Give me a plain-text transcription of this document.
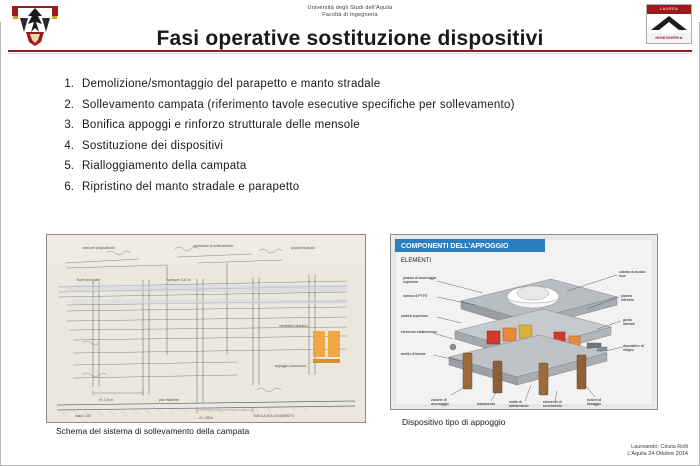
Università degli Studi dell'Aquila
Facoltà di Ingegneria
LAUREA
INGEGNERIA
Fasi operative sostituzione dispositivi
1. Demolizione/smontaggio del parapetto e manto stradale
2. Sollevamento campata (riferimento tavole esecutive specifiche per sollevamento)
3. Bonifica appoggi e rinforzo strutturale delle mensole
4. Sostituzione dei dispositivi
5. Rialloggiamento della campata
6. Ripristino del manto stradale e parapetto
sezione longitudinale	particolare di sollevamento	quota impalcato
martinetto idraulico
appoggio provvisorio
pila esistente
trave principale
scala 1:50	TAVOLA SOLLEVAMENTO
rif. 2,40 m
rif. 1,85 m
spessore 0,20 m
Schema del sistema di sollevamento della campata
COMPONENTI DELL'APPOGGIO
ELEMENTI
piastra di ancoraggio
superiore
lamina di PTFE
piastra superiore
elemento elastomerico
anello di tenuta
zanche di
ancoraggio	basamento	malta di
allettamento
elemento di
scorrimento
bulloni di
fissaggio
calotta di acciaio
inox
piastra
inferiore
guida
laterale
dispositivo di
ritegno
Dispositivo tipo di appoggio
Laureando: Cinzia Rolli
L'Aquila 24 Ottobre 2014
